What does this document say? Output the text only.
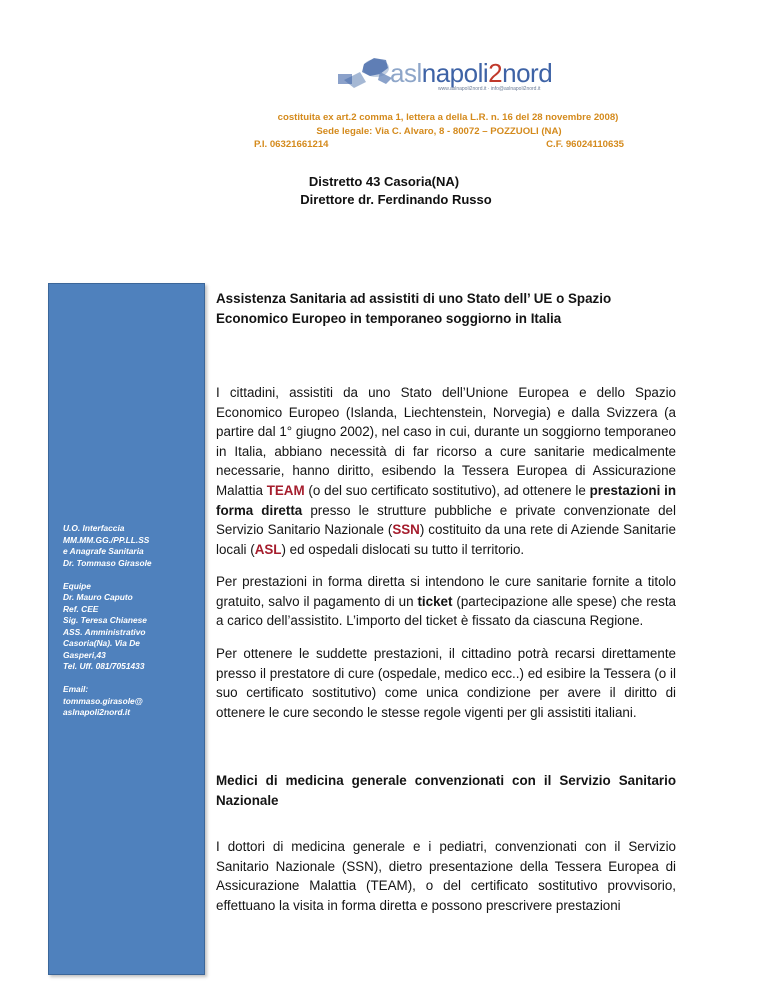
aslnapoli2nord
www.aslnapoli2nord.it · info@aslnapoli2nord.it
costituita ex art.2 comma 1, lettera a della L.R. n. 16 del 28 novembre 2008)
Sede legale: Via C. Alvaro, 8 - 80072 – POZZUOLI (NA)
P.I. 06321661214	C.F. 96024110635
Distretto 43 Casoria(NA)
Direttore dr. Ferdinando Russo

U.O. Interfaccia
MM.MM.GG./PP.LL.SS
e Anagrafe Sanitaria
Dr. Tommaso Girasole

Equipe
Dr. Mauro Caputo
Ref. CEE
Sig. Teresa Chianese
ASS. Amministrativo
Casoria(Na). Via De
Gasperi,43
Tel. Uff. 081/7051433

Email:
tommaso.girasole@
aslnapoli2nord.it

Assistenza Sanitaria ad assistiti di uno Stato dell’ UE o Spazio
Economico Europeo in temporaneo soggiorno in Italia

I cittadini, assistiti da uno Stato dell’Unione Europea e dello Spazio Economico Europeo (Islanda, Liechtenstein, Norvegia) e dalla Svizzera (a partire dal 1° giugno 2002), nel caso in cui, durante un soggiorno temporaneo in Italia, abbiano necessità di far ricorso a cure sanitarie medicalmente necessarie, hanno diritto, esibendo la Tessera Europea di Assicurazione Malattia TEAM (o del suo certificato sostitutivo), ad ottenere le prestazioni in forma diretta presso le strutture pubbliche e private convenzionate del Servizio Sanitario Nazionale (SSN) costituito da una rete di Aziende Sanitarie locali (ASL) ed ospedali dislocati su tutto il territorio.

Per prestazioni in forma diretta si intendono le cure sanitarie fornite a titolo gratuito, salvo il pagamento di un ticket (partecipazione alle spese) che resta a carico dell’assistito. L’importo del ticket è fissato da ciascuna Regione.

Per ottenere le suddette prestazioni, il cittadino potrà recarsi direttamente presso il prestatore di cure (ospedale, medico ecc..) ed esibire la Tessera (o il suo certificato sostitutivo) come unica condizione per avere il diritto di ottenere le cure secondo le stesse regole vigenti per gli assistiti italiani.

Medici di medicina generale convenzionati con il Servizio Sanitario Nazionale

I dottori di medicina generale e i pediatri, convenzionati con il Servizio Sanitario Nazionale (SSN), dietro presentazione della Tessera Europea di Assicurazione Malattia (TEAM), o del certificato sostitutivo provvisorio, effettuano la visita in forma diretta e possono prescrivere prestazioni
